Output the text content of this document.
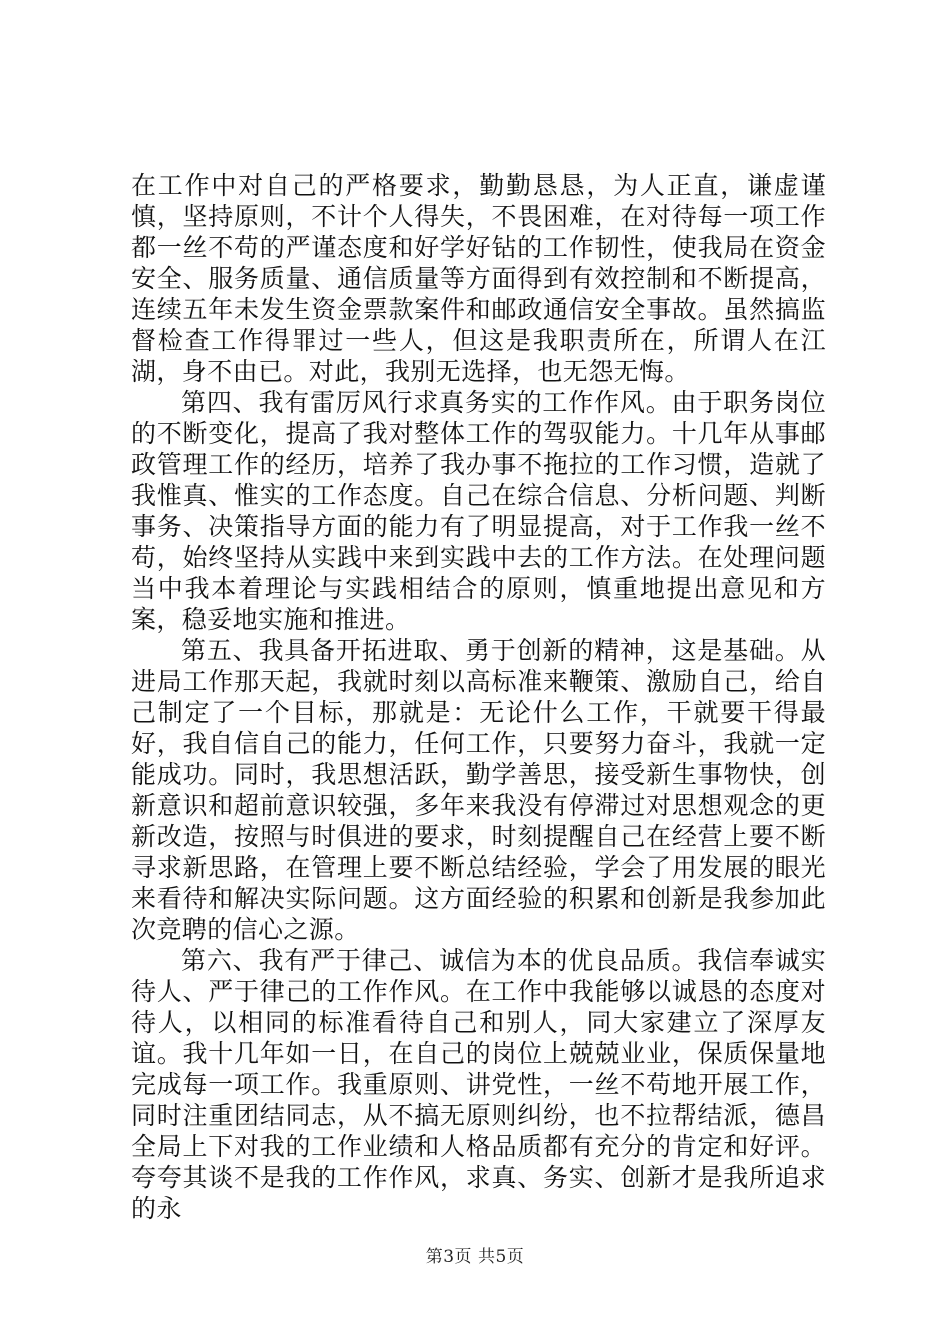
在工作中对自己的严格要求，勤勤恳恳，为人正直，谦虚谨慎，坚持原则，不计个人得失，不畏困难，在对待每一项工作都一丝不苟的严谨态度和好学好钻的工作韧性，使我局在资金安全、服务质量、通信质量等方面得到有效控制和不断提高，连续五年未发生资金票款案件和邮政通信安全事故。虽然搞监督检查工作得罪过一些人，但这是我职责所在，所谓人在江湖，身不由已。对此，我别无选择，也无怨无悔。

第四、我有雷厉风行求真务实的工作作风。由于职务岗位的不断变化，提高了我对整体工作的驾驭能力。十几年从事邮政管理工作的经历，培养了我办事不拖拉的工作习惯，造就了我惟真、惟实的工作态度。自己在综合信息、分析问题、判断事务、决策指导方面的能力有了明显提高，对于工作我一丝不苟，始终坚持从实践中来到实践中去的工作方法。在处理问题当中我本着理论与实践相结合的原则，慎重地提出意见和方案，稳妥地实施和推进。

第五、我具备开拓进取、勇于创新的精神，这是基础。从进局工作那天起，我就时刻以高标准来鞭策、激励自己，给自己制定了一个目标，那就是：无论什么工作，干就要干得最好，我自信自己的能力，任何工作，只要努力奋斗，我就一定能成功。同时，我思想活跃，勤学善思，接受新生事物快，创新意识和超前意识较强，多年来我没有停滞过对思想观念的更新改造，按照与时俱进的要求，时刻提醒自己在经营上要不断寻求新思路，在管理上要不断总结经验，学会了用发展的眼光来看待和解决实际问题。这方面经验的积累和创新是我参加此次竞聘的信心之源。

第六、我有严于律己、诚信为本的优良品质。我信奉诚实待人、严于律己的工作作风。在工作中我能够以诚恳的态度对待人，以相同的标准看待自己和别人，同大家建立了深厚友谊。我十几年如一日，在自己的岗位上兢兢业业，保质保量地完成每一项工作。我重原则、讲党性，一丝不苟地开展工作，同时注重团结同志，从不搞无原则纠纷，也不拉帮结派，德昌全局上下对我的工作业绩和人格品质都有充分的肯定和好评。夸夸其谈不是我的工作作风，求真、务实、创新才是我所追求的永

第3页 共5页
